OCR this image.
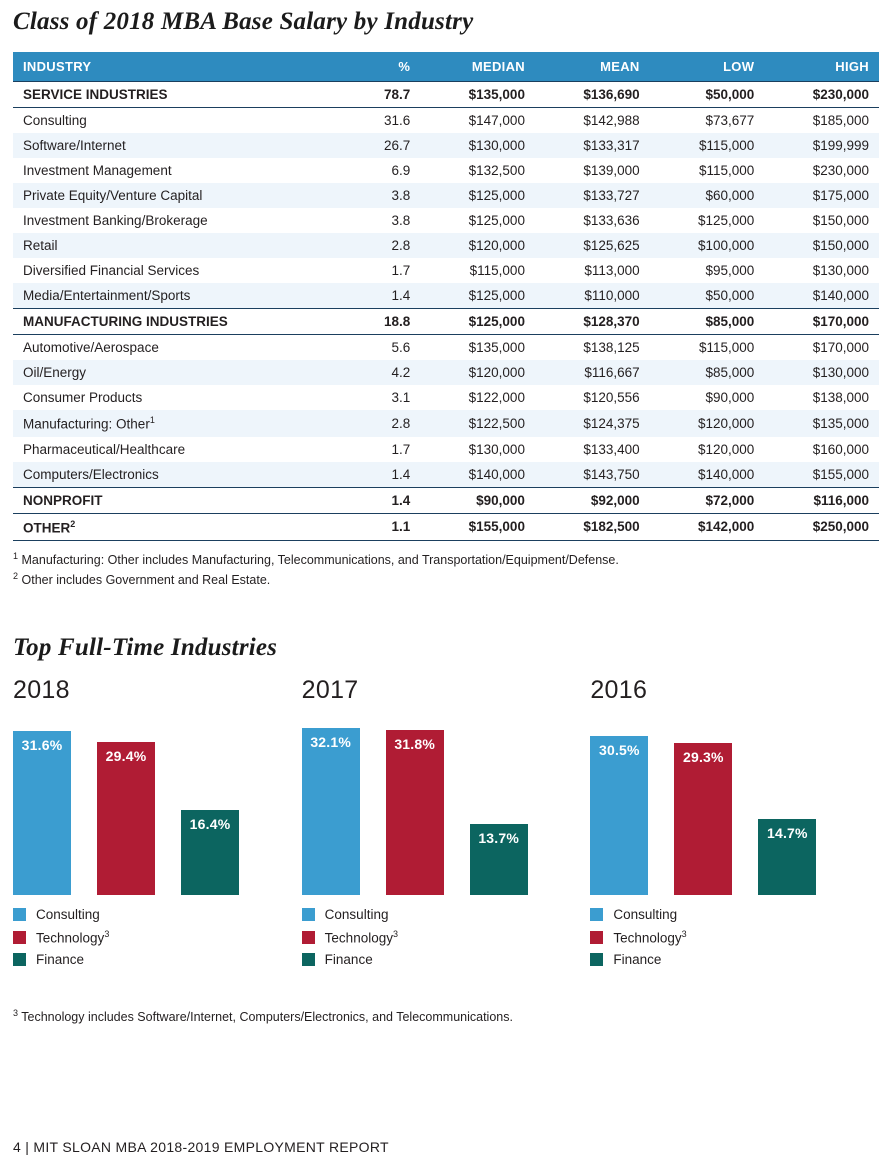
Class of 2018 MBA Base Salary by Industry
INDUSTRY	%	MEDIAN	MEAN	LOW	HIGH
SERVICE INDUSTRIES	78.7	$135,000	$136,690	$50,000	$230,000
Consulting	31.6	$147,000	$142,988	$73,677	$185,000
Software/Internet	26.7	$130,000	$133,317	$115,000	$199,999
Investment Management	6.9	$132,500	$139,000	$115,000	$230,000
Private Equity/Venture Capital	3.8	$125,000	$133,727	$60,000	$175,000
Investment Banking/Brokerage	3.8	$125,000	$133,636	$125,000	$150,000
Retail	2.8	$120,000	$125,625	$100,000	$150,000
Diversified Financial Services	1.7	$115,000	$113,000	$95,000	$130,000
Media/Entertainment/Sports	1.4	$125,000	$110,000	$50,000	$140,000
MANUFACTURING INDUSTRIES	18.8	$125,000	$128,370	$85,000	$170,000
Automotive/Aerospace	5.6	$135,000	$138,125	$115,000	$170,000
Oil/Energy	4.2	$120,000	$116,667	$85,000	$130,000
Consumer Products	3.1	$122,000	$120,556	$90,000	$138,000
Manufacturing: Other$^1$	2.8	$122,500	$124,375	$120,000	$135,000
Pharmaceutical/Healthcare	1.7	$130,000	$133,400	$120,000	$160,000
Computers/Electronics	1.4	$140,000	$143,750	$140,000	$155,000
NONPROFIT	1.4	$90,000	$92,000	$72,000	$116,000
OTHER$^2$	1.1	$155,000	$182,500	$142,000	$250,000
$^1$ Manufacturing: Other includes Manufacturing, Telecommunications, and Transportation/Equipment/Defense.
$^2$ Other includes Government and Real Estate.
Top Full-Time Industries
2018
31.6%
29.4%
16.4%
Consulting
Technology$^3$
Finance
2017
32.1%	31.8%
13.7%
Consulting
Technology$^3$
Finance
2016
30.5%	29.3%
14.7%
Consulting
Technology$^3$
Finance
$^3$ Technology includes Software/Internet, Computers/Electronics, and Telecommunications.
4 | MIT SLOAN MBA 2018-2019 EMPLOYMENT REPORT
